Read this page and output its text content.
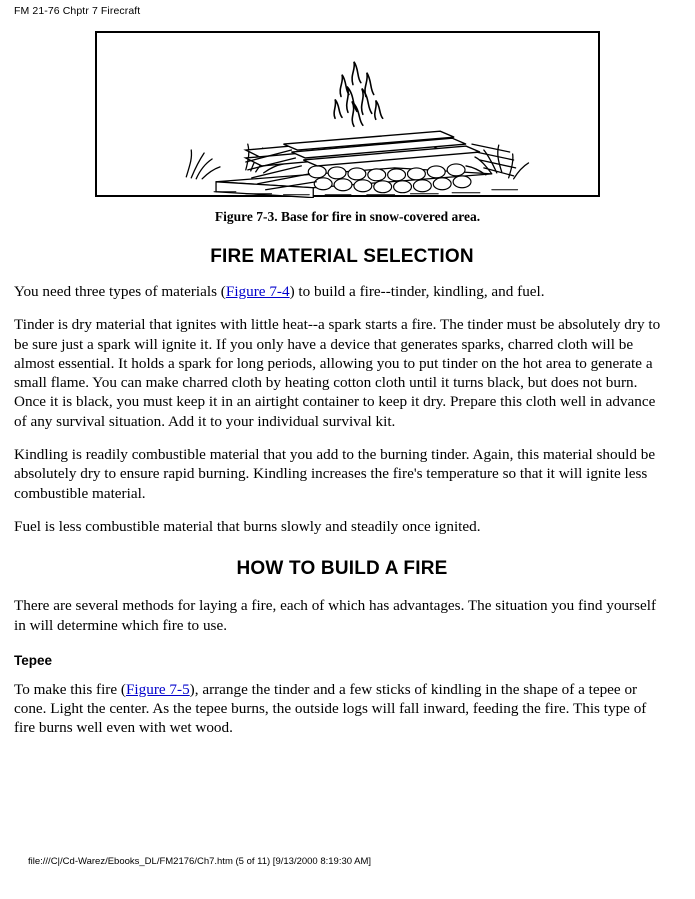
FM 21-76 Chptr 7 Firecraft
Figure 7-3. Base for fire in snow-covered area.
FIRE MATERIAL SELECTION

You need three types of materials (Figure 7-4) to build a fire--tinder, kindling, and fuel.

Tinder is dry material that ignites with little heat--a spark starts a fire. The tinder must be absolutely dry to be sure just a spark will ignite it. If you only have a device that generates sparks, charred cloth will be almost essential. It holds a spark for long periods, allowing you to put tinder on the hot area to generate a small flame. You can make charred cloth by heating cotton cloth until it turns black, but does not burn. Once it is black, you must keep it in an airtight container to keep it dry. Prepare this cloth well in advance of any survival situation. Add it to your individual survival kit.

Kindling is readily combustible material that you add to the burning tinder. Again, this material should be absolutely dry to ensure rapid burning. Kindling increases the fire's temperature so that it will ignite less combustible material.

Fuel is less combustible material that burns slowly and steadily once ignited.

HOW TO BUILD A FIRE

There are several methods for laying a fire, each of which has advantages. The situation you find yourself in will determine which fire to use.

Tepee

To make this fire (Figure 7-5), arrange the tinder and a few sticks of kindling in the shape of a tepee or cone. Light the center. As the tepee burns, the outside logs will fall inward, feeding the fire. This type of fire burns well even with wet wood.

file:///C|/Cd-Warez/Ebooks_DL/FM2176/Ch7.htm (5 of 11) [9/13/2000 8:19:30 AM]
